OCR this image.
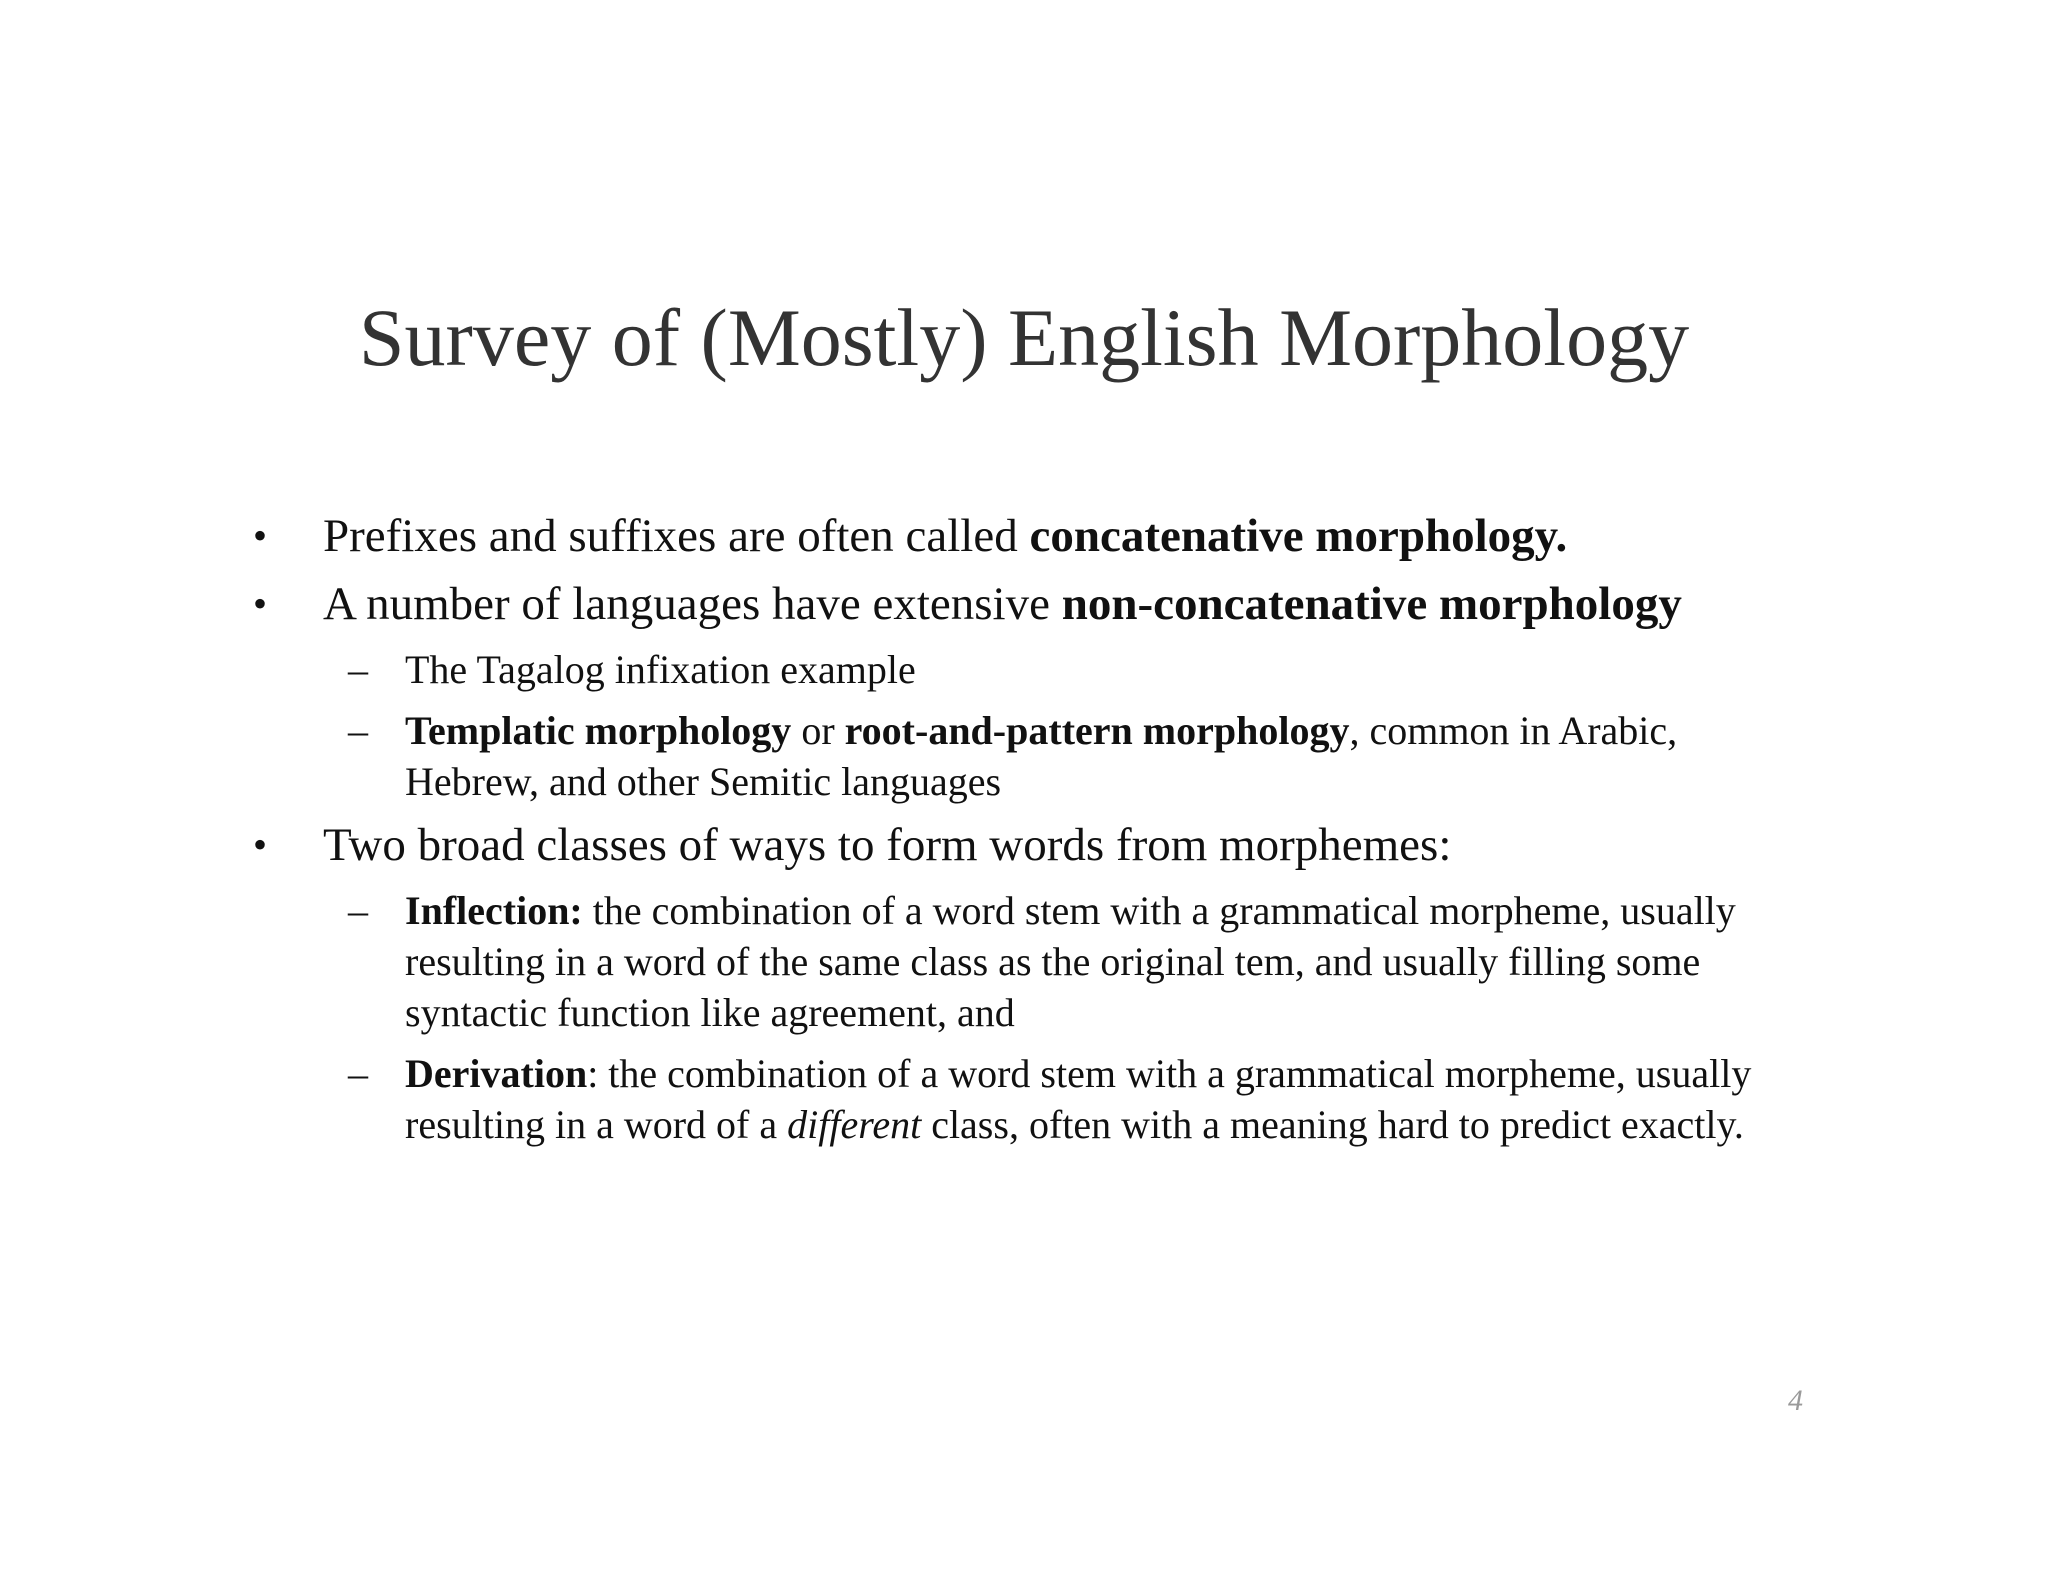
Survey of (Mostly) English Morphology
• Prefixes and suffixes are often called concatenative morphology.
• A number of languages have extensive non-concatenative morphology
– The Tagalog infixation example
– Templatic morphology or root-and-pattern morphology, common in Arabic, Hebrew, and other Semitic languages
• Two broad classes of ways to form words from morphemes:
– Inflection: the combination of a word stem with a grammatical morpheme, usually resulting in a word of the same class as the original tem, and usually filling some syntactic function like agreement, and
– Derivation: the combination of a word stem with a grammatical morpheme, usually resulting in a word of a different class, often with a meaning hard to predict exactly.
4
